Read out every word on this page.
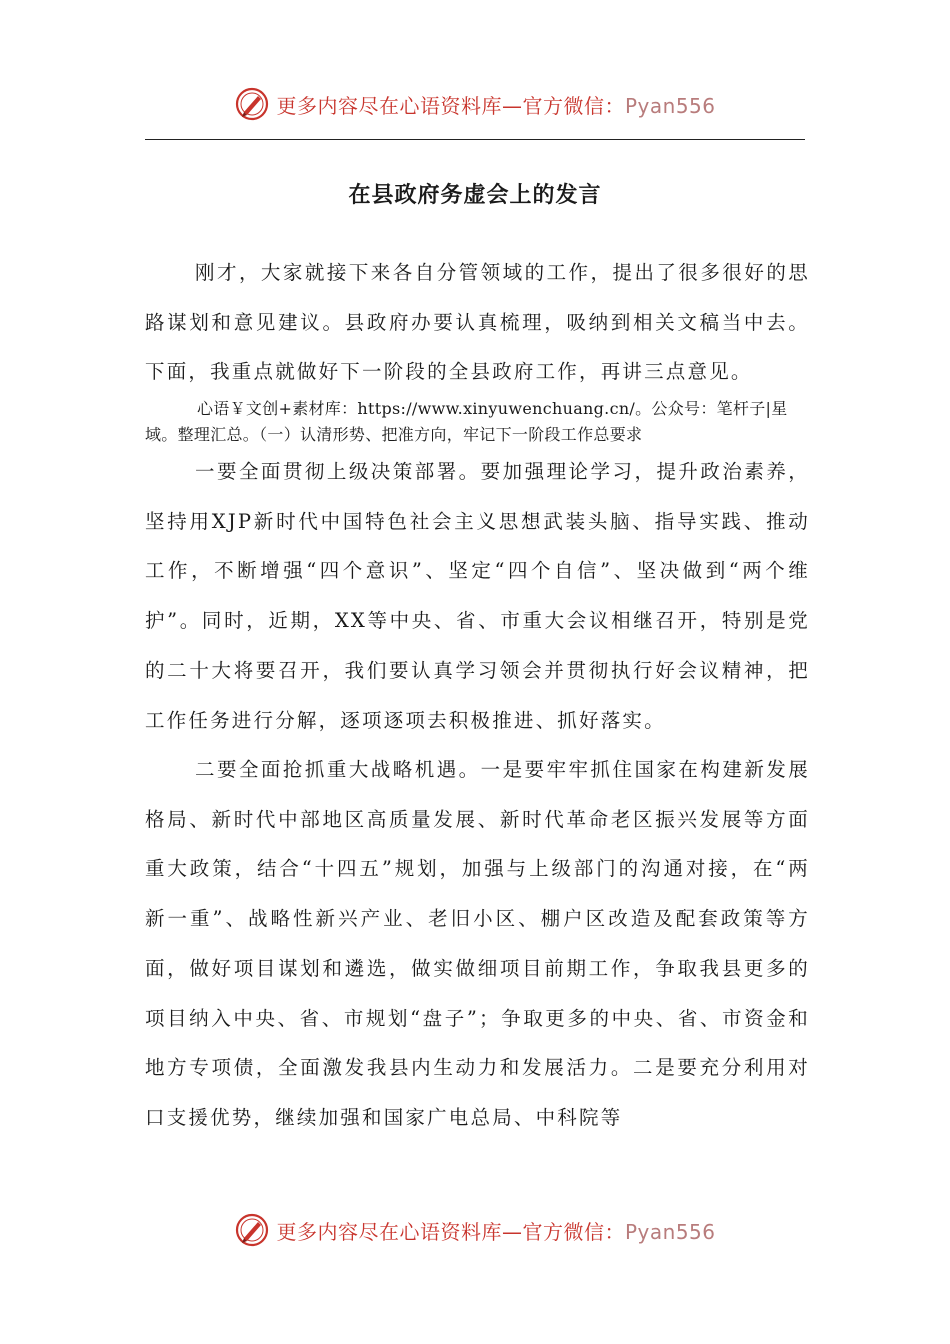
更多内容尽在心语资料库—官方微信：Pyan556
在县政府务虚会上的发言

刚才，大家就接下来各自分管领域的工作，提出了很多很好的思路谋划和意见建议。县政府办要认真梳理，吸纳到相关文稿当中去。下面，我重点就做好下一阶段的全县政府工作，再讲三点意见。

心语￥文创+素材库：https://www.xinyuwenchuang.cn/。公众号：笔杆子|星域。整理汇总。（一）认清形势、把准方向，牢记下一阶段工作总要求

一要全面贯彻上级决策部署。要加强理论学习，提升政治素养，坚持用XJP新时代中国特色社会主义思想武装头脑、指导实践、推动工作，不断增强“四个意识”、坚定“四个自信”、坚决做到“两个维护”。同时，近期，XX等中央、省、市重大会议相继召开，特别是党的二十大将要召开，我们要认真学习领会并贯彻执行好会议精神，把工作任务进行分解，逐项逐项去积极推进、抓好落实。

二要全面抢抓重大战略机遇。一是要牢牢抓住国家在构建新发展格局、新时代中部地区高质量发展、新时代革命老区振兴发展等方面重大政策，结合“十四五”规划，加强与上级部门的沟通对接，在“两新一重”、战略性新兴产业、老旧小区、棚户区改造及配套政策等方面，做好项目谋划和遴选，做实做细项目前期工作，争取我县更多的项目纳入中央、省、市规划“盘子”；争取更多的中央、省、市资金和地方专项债，全面激发我县内生动力和发展活力。二是要充分利用对口支援优势，继续加强和国家广电总局、中科院等

更多内容尽在心语资料库—官方微信：Pyan556
